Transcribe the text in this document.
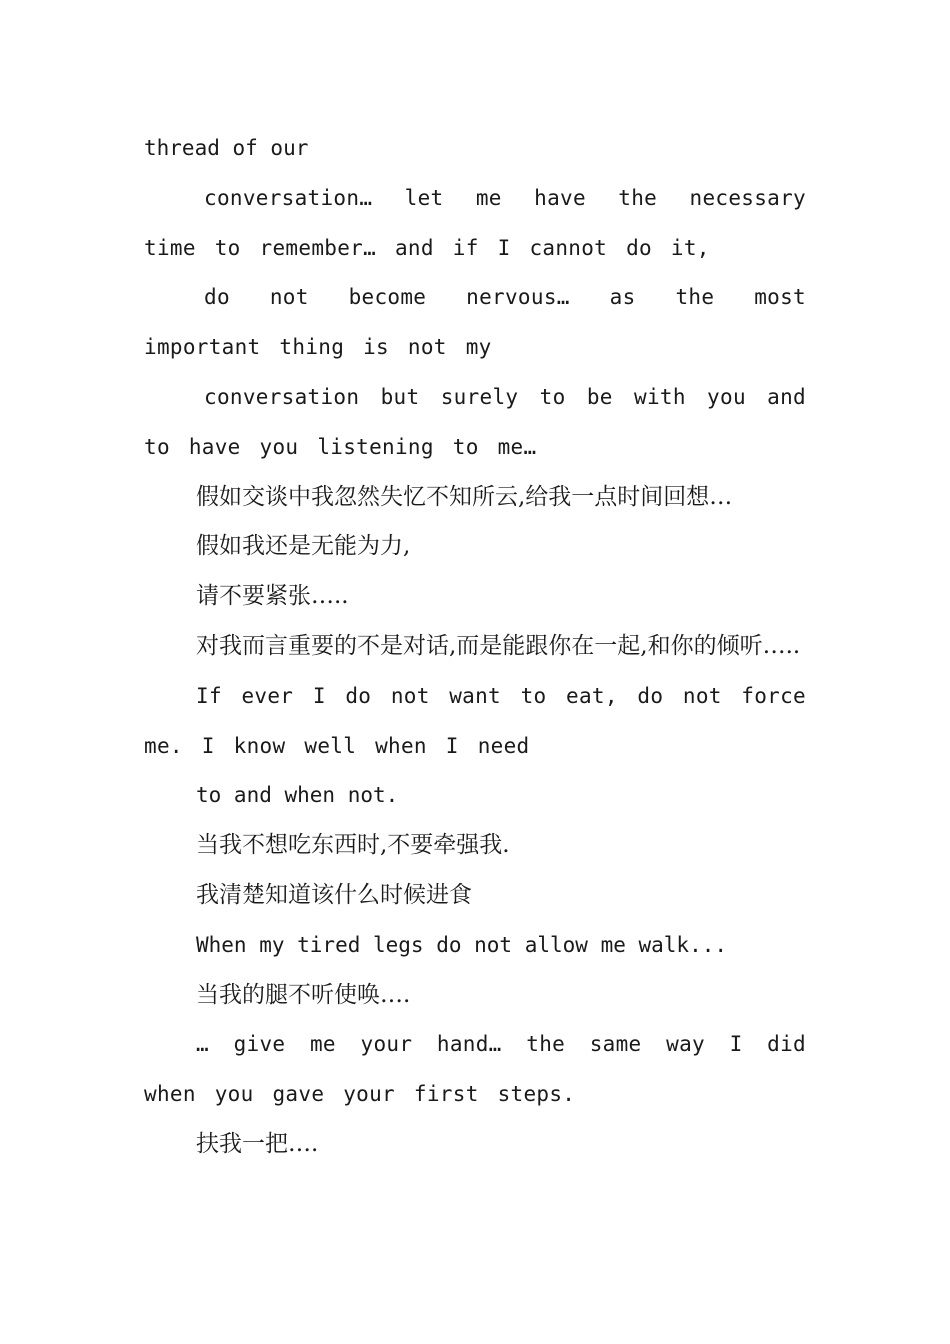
thread of our

conversation… let me have the necessary time to remember… and if I cannot do it,

do not become nervous… as the most important thing is not my

conversation but surely to be with you and to have you listening to me…

假如交谈中我忽然失忆不知所云,给我一点时间回想…

假如我还是无能为力,

请不要紧张…..

对我而言重要的不是对话,而是能跟你在一起,和你的倾听…..

If ever I do not want to eat, do not force me. I know well when I need

to and when not.

当我不想吃东西时,不要牵强我.

我清楚知道该什么时候进食

When my tired legs do not allow me walk...

当我的腿不听使唤….

… give me your hand… the same way I did when you gave your first steps.

扶我一把….
